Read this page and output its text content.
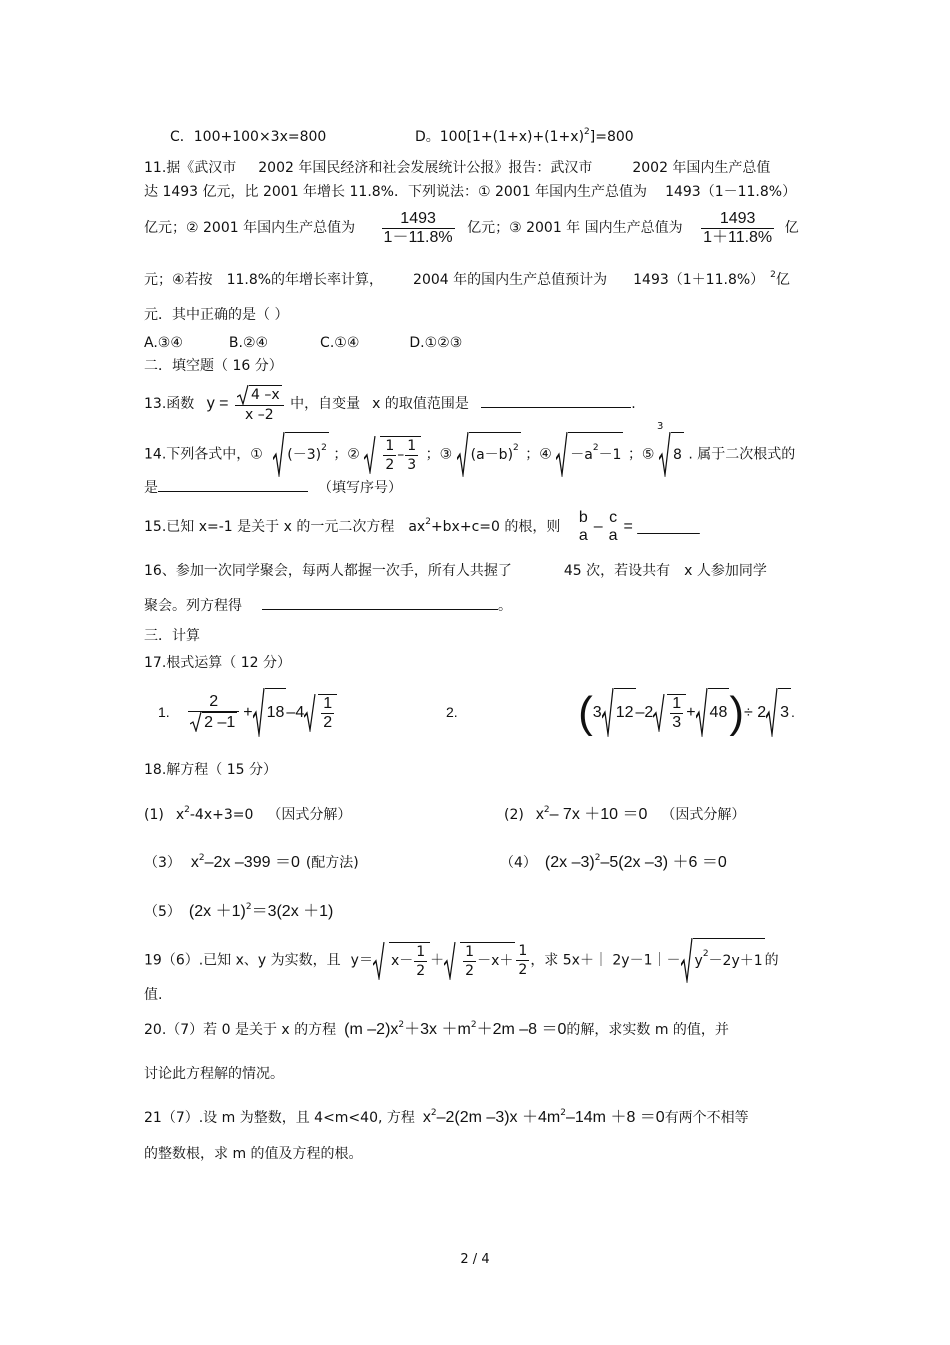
C．100+100×3x=800	D。$100[1+(1+x)+(1+x)^2]=800$
11.据《武汉市 2002 年国民经济和社会发展统计公报》报告：武汉市	2002 年国内生产总值
达 1493 亿元，比 2001 年增长 11.8%．下列说法：① 2001 年国内生产总值为 1493（1－11.8%）
亿元；② 2001 年国内生产总值为 $\frac{1493}{1-11.8\%}$ 亿元；③ 2001 年 国内生产总值为 $\frac{1493}{1+11.8\%}$ 亿
元；④若按 11.8%的年增长率计算， 2004 年的国内生产总值预计为 1493（1＋11.8%） $^2$亿
元．其中正确的是（ ）
A.③④	B.②④	C.①④	D.①②③
二．填空题（ 16 分）
13.函数 $y = \frac{4 -x}{x -2}$ 中，自变量 x 的取值范围是	.
14.下列各式中，① (－3) 2 ；② $\frac{1}{2} - \frac{1}{3}$ ；③ (a－b) 2 ；④ －a 2 －1 ；⑤
3
8 . 属于二次根式的
是	（填写序号）
15.已知 x=-1 是关于 x 的一元二次方程 $ax^2+bx+c=0$ 的根，则
b
a
–
c
a
= _______
16、参加一次同学聚会，每两人都握一次手，所有人共握了	45 次，若设共有 x 人参加同学
聚会。列方程得	。
三．计算
17.根式运算（ 12 分）
1. $\frac{2}{2 -1} + 18$ $-4 \frac{1}{2}$	2.	(3 12 $-2 \frac{1}{3} + 48$ )÷ 2 3 .
18.解方程（ 15 分）
(1) $x^2-4x+3=0$ （因式分解）	(2) $x^2-$ 7x ＋10 ＝0 （因式分解）
（3） $x^2-2x$ –399 ＝0 (配方法)	（4） (2x –3)$^2$–5(2x –3) ＋6 ＝0
（5） $(2x +1)^2=3(2x +1)$
19（6）.已知 x、y 为实数，且 $y= x- \frac{1}{2} + \frac{1}{2} -x+ \frac{1}{2}$ ，求 5x＋｜ 2y－1｜－ y 2 －2y＋1 的
值.
20.（7）若 0 是关于 x 的方程 (m $-2)x^2+3x +m^2+2m$ –8 ＝0的解，求实数 m 的值，并
讨论此方程解的情况。
21（7）.设 m 为整数，且 4<m<40, 方程 $x^2-2(2m$ $-3)x +4m^2-14m +8 =0$有两个不相等
的整数根，求 m 的值及方程的根。
2 / 4
